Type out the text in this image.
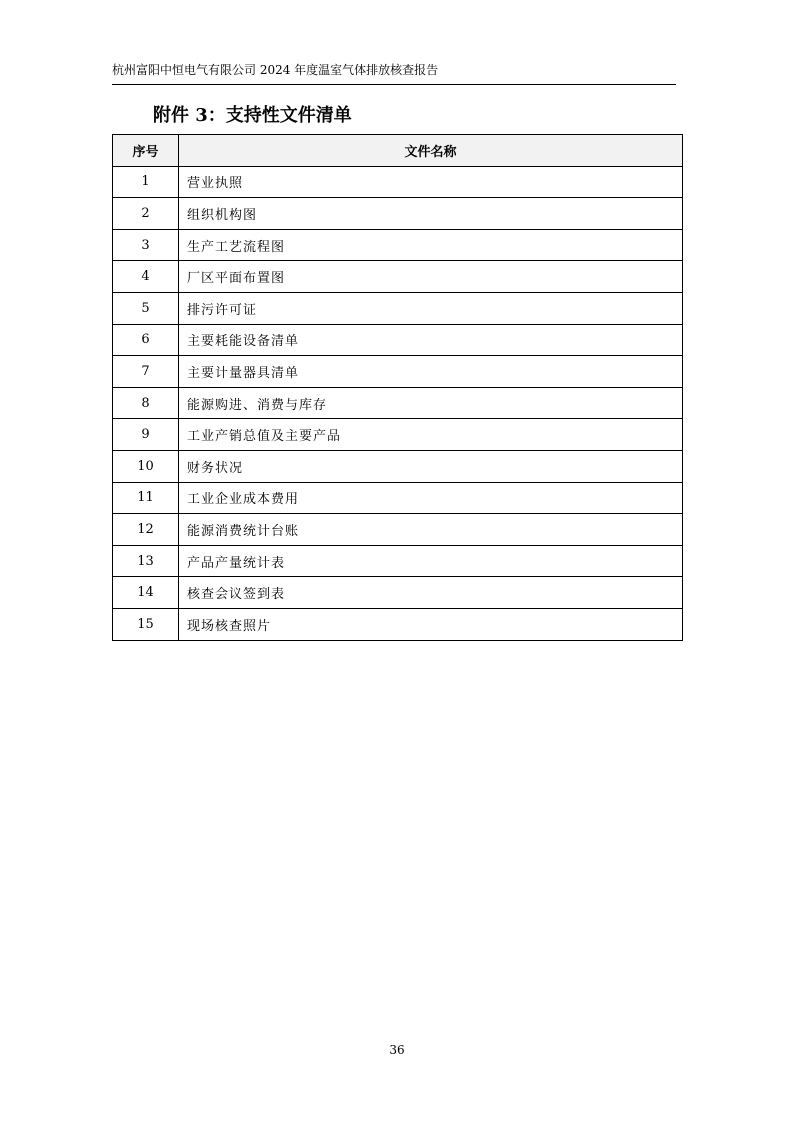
杭州富阳中恒电气有限公司 2024 年度温室气体排放核查报告
附件 3：支持性文件清单
序号	文件名称
1	营业执照
2	组织机构图
3	生产工艺流程图
4	厂区平面布置图
5	排污许可证
6	主要耗能设备清单
7	主要计量器具清单
8	能源购进、消费与库存
9	工业产销总值及主要产品
10	财务状况
11	工业企业成本费用
12	能源消费统计台账
13	产品产量统计表
14	核查会议签到表
15	现场核查照片
36
